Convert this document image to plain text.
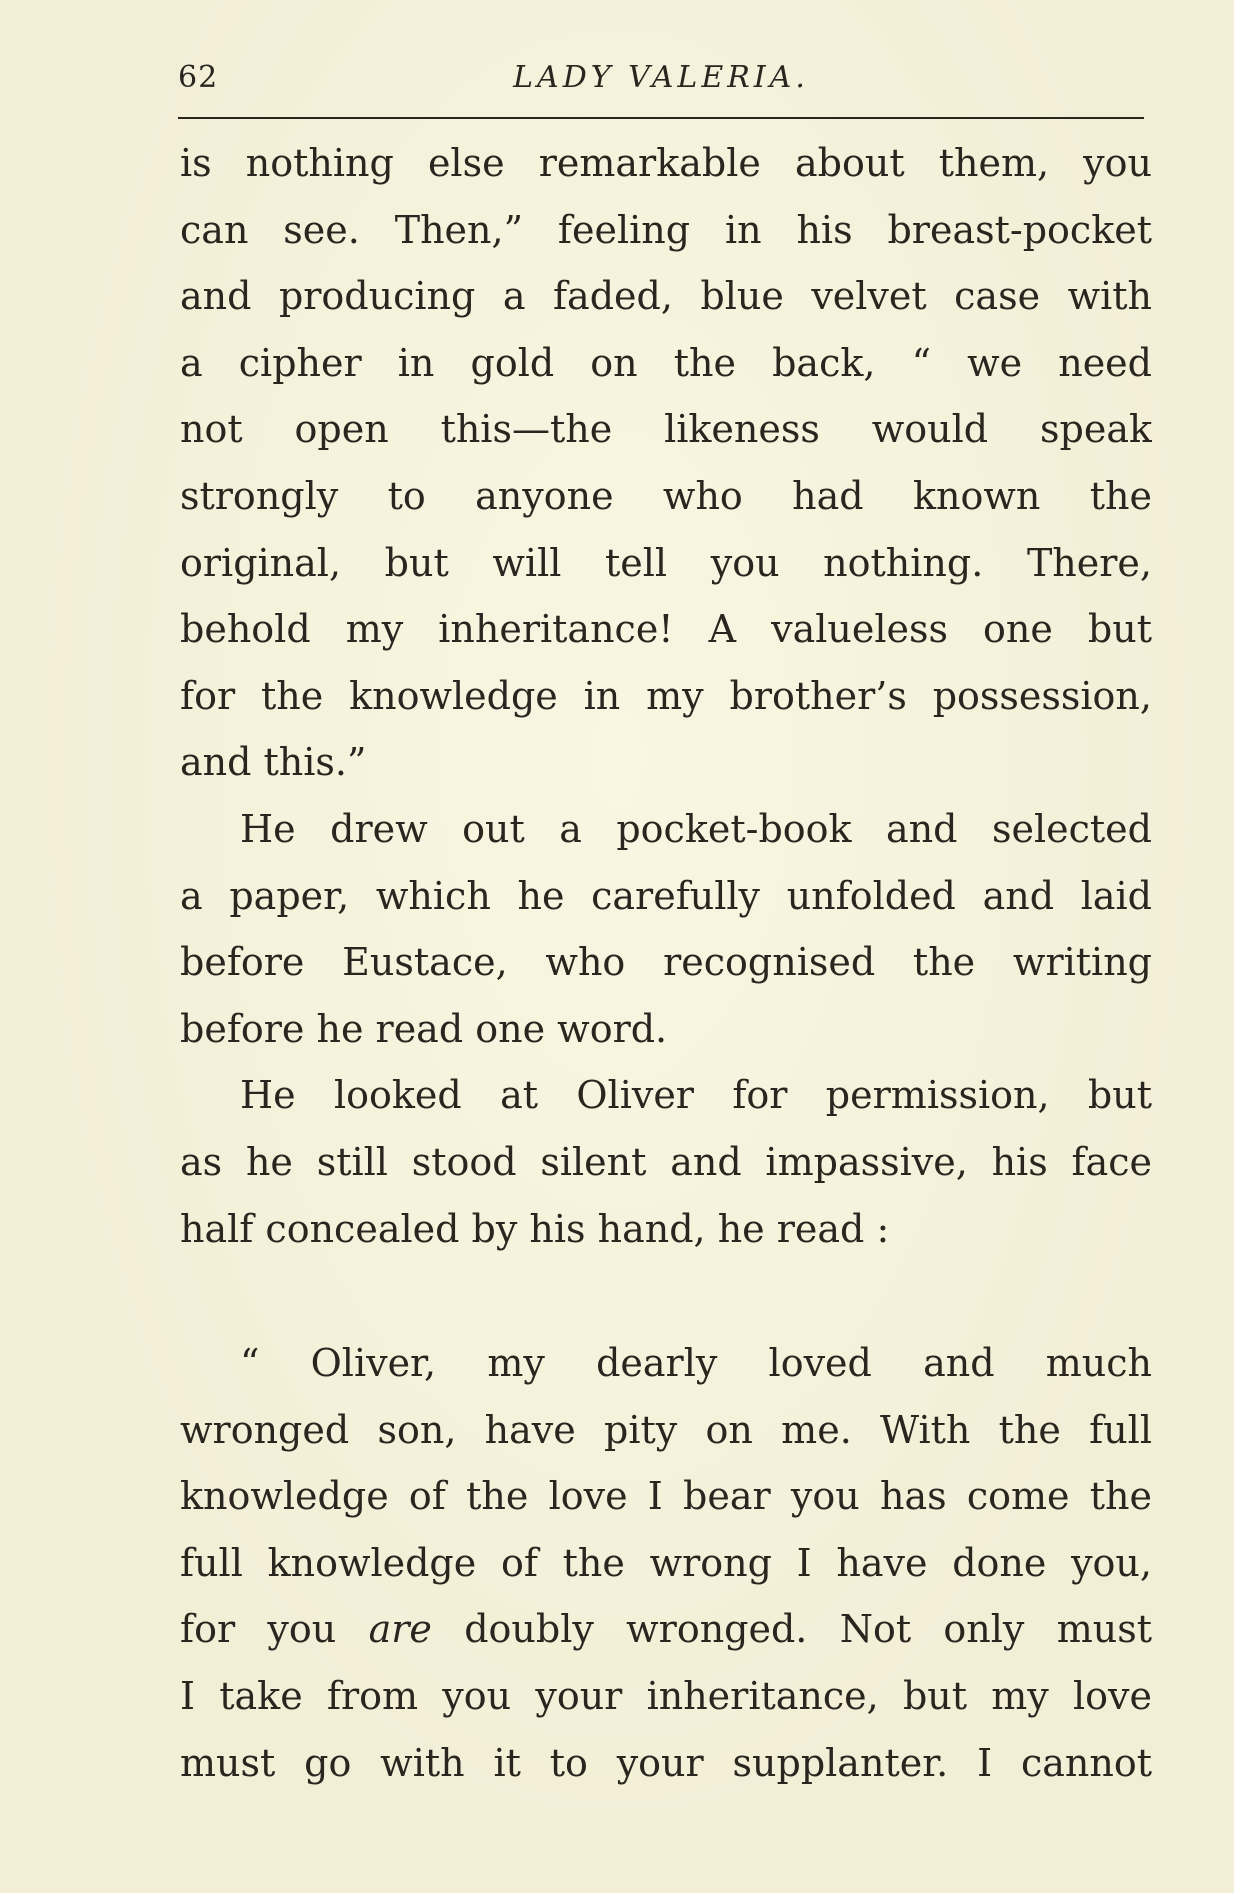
62	LADY VALERIA.
is nothing else remarkable about them, you
can see. Then,” feeling in his breast-pocket
and producing a faded, blue velvet case with
a cipher in gold on the back, “ we need
not open this—the likeness would speak
strongly to anyone who had known the
original, but will tell you nothing. There,
behold my inheritance! A valueless one but
for the knowledge in my brother’s possession,
and this.”
He drew out a pocket-book and selected
a paper, which he carefully unfolded and laid
before Eustace, who recognised the writing
before he read one word.
He looked at Oliver for permission, but
as he still stood silent and impassive, his face
half concealed by his hand, he read :
“ Oliver, my dearly loved and much
wronged son, have pity on me. With the full
knowledge of the love I bear you has come the
full knowledge of the wrong I have done you,
for you are doubly wronged. Not only must
I take from you your inheritance, but my love
must go with it to your supplanter. I cannot
